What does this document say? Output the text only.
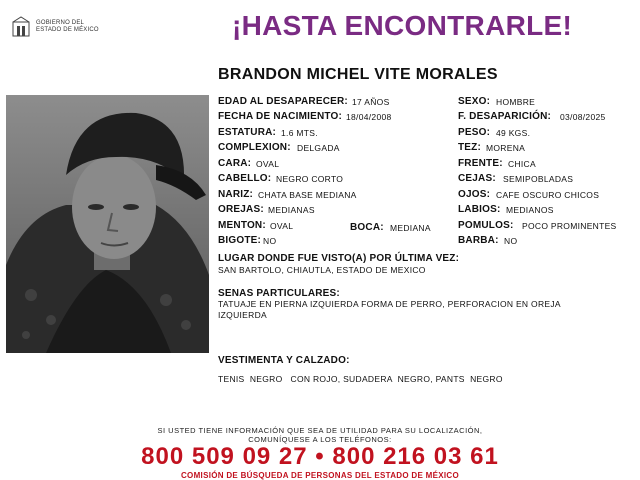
GOBIERNO DEL
ESTADO DE MÉXICO	¡HASTA ENCONTRARLE!
BRANDON MICHEL VITE MORALES
EDAD AL DESAPARECER: 17 AÑOS	SEXO: HOMBRE
FECHA DE NACIMIENTO: 18/04/2008	F. DESAPARICIÓN: 03/08/2025
ESTATURA: 1.6 MTS.	PESO: 49 KGS.
COMPLEXION: DELGADA	TEZ: MORENA
CARA: OVAL	FRENTE: CHICA
CABELLO: NEGRO CORTO	CEJAS: SEMIPOBLADAS
NARIZ: CHATA BASE MEDIANA	OJOS: CAFE OSCURO CHICOS
OREJAS: MEDIANAS	LABIOS: MEDIANOS
MENTON: OVAL	BOCA: MEDIANA	POMULOS: POCO PROMINENTES
BIGOTE: NO	BARBA: NO
LUGAR DONDE FUE VISTO(A) POR ÚLTIMA VEZ:
SAN BARTOLO, CHIAUTLA, ESTADO DE MEXICO
SENAS PARTICULARES:
TATUAJE EN PIERNA IZQUIERDA FORMA DE PERRO, PERFORACION EN OREJA IZQUIERDA
VESTIMENTA Y CALZADO:
TENIS  NEGRO   CON ROJO, SUDADERA  NEGRO, PANTS  NEGRO
SI USTED TIENE INFORMACIÓN QUE SEA DE UTILIDAD PARA SU LOCALIZACIÓN,
COMUNÍQUESE A LOS TELÉFONOS:
800 509 09 27 • 800 216 03 61
COMISIÓN DE BÚSQUEDA DE PERSONAS DEL ESTADO DE MÉXICO
